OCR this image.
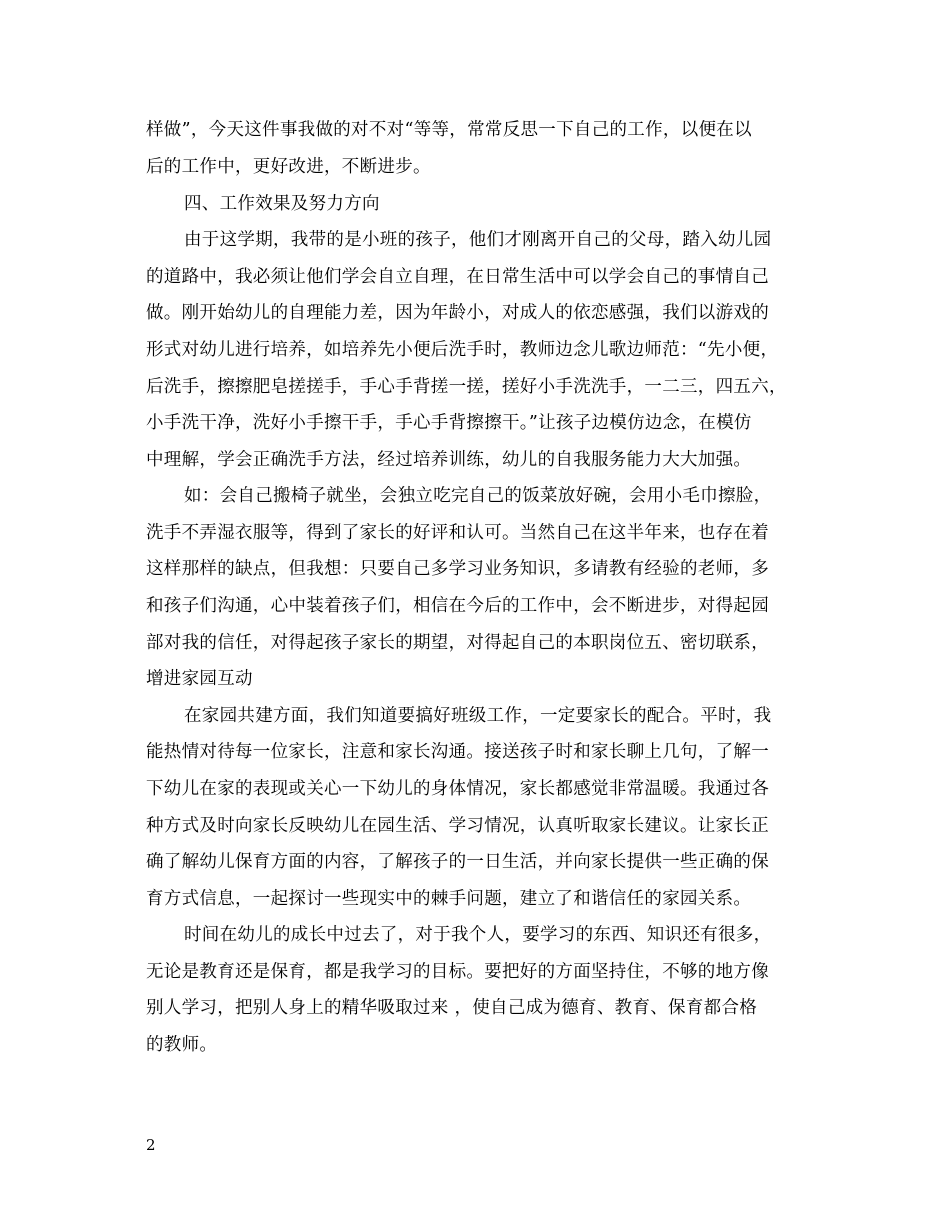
样做”，今天这件事我做的对不对“等等，常常反思一下自己的工作，以便在以
后的工作中，更好改进，不断进步。
四、工作效果及努力方向
由于这学期，我带的是小班的孩子，他们才刚离开自己的父母，踏入幼儿园
的道路中，我必须让他们学会自立自理，在日常生活中可以学会自己的事情自己
做。刚开始幼儿的自理能力差，因为年龄小，对成人的依恋感强，我们以游戏的
形式对幼儿进行培养，如培养先小便后洗手时，教师边念儿歌边师范：“先小便，
后洗手，擦擦肥皂搓搓手，手心手背搓一搓，搓好小手洗洗手，一二三，四五六，
小手洗干净，洗好小手擦干手，手心手背擦擦干。”让孩子边模仿边念，在模仿
中理解，学会正确洗手方法，经过培养训练，幼儿的自我服务能力大大加强。
如：会自己搬椅子就坐，会独立吃完自己的饭菜放好碗，会用小毛巾擦脸，
洗手不弄湿衣服等，得到了家长的好评和认可。当然自己在这半年来，也存在着
这样那样的缺点，但我想：只要自己多学习业务知识，多请教有经验的老师，多
和孩子们沟通，心中装着孩子们，相信在今后的工作中，会不断进步，对得起园
部对我的信任，对得起孩子家长的期望，对得起自己的本职岗位五、密切联系，
增进家园互动
在家园共建方面，我们知道要搞好班级工作，一定要家长的配合。平时，我
能热情对待每一位家长，注意和家长沟通。接送孩子时和家长聊上几句，了解一
下幼儿在家的表现或关心一下幼儿的身体情况，家长都感觉非常温暖。我通过各
种方式及时向家长反映幼儿在园生活、学习情况，认真听取家长建议。让家长正
确了解幼儿保育方面的内容，了解孩子的一日生活，并向家长提供一些正确的保
育方式信息，一起探讨一些现实中的棘手问题，建立了和谐信任的家园关系。
时间在幼儿的成长中过去了，对于我个人，要学习的东西、知识还有很多，
无论是教育还是保育，都是我学习的目标。要把好的方面坚持住，不够的地方像
别人学习，把别人身上的精华吸取过来 ，使自己成为德育、教育、保育都合格
的教师。
2
